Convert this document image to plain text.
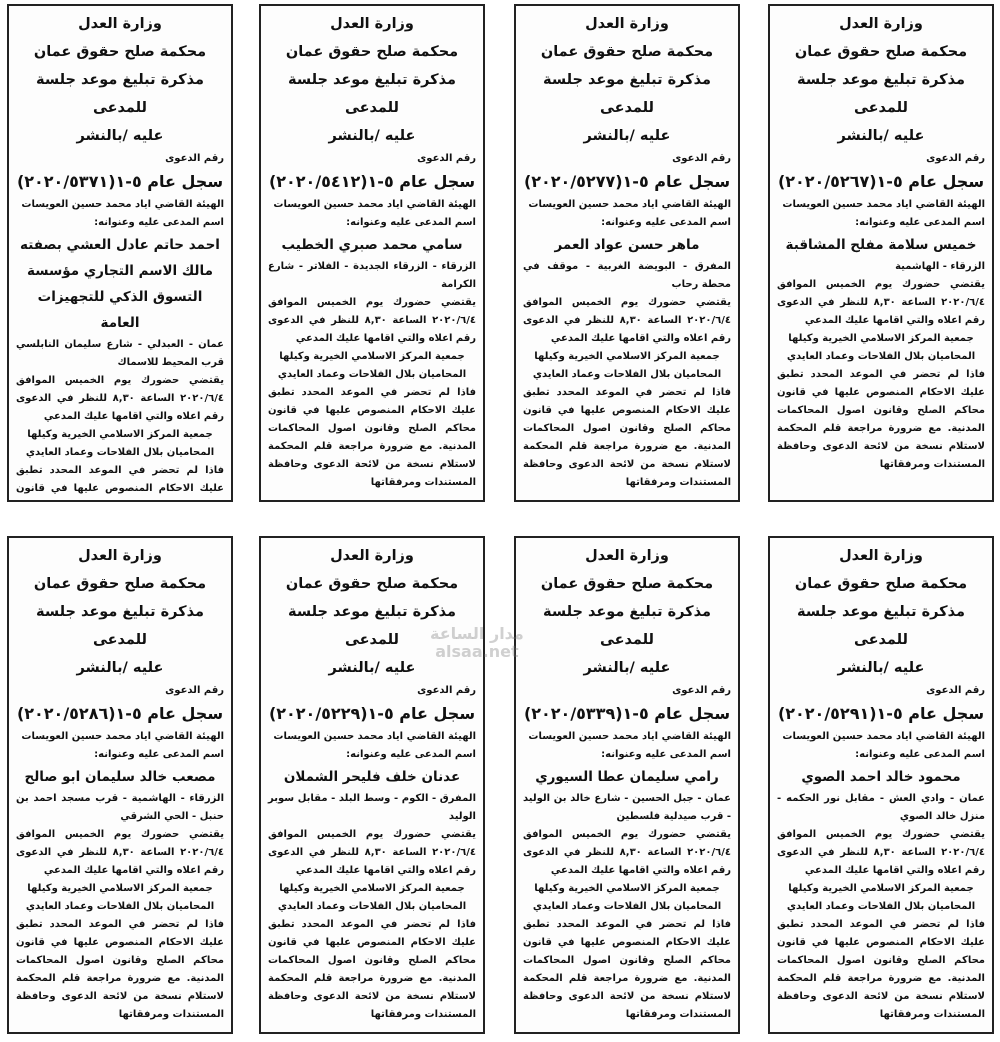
وزارة العدل
محكمة صلح حقوق عمان
مذكرة تبليغ موعد جلسة للمدعى
عليه /بالنشر
رقم الدعوى
سجل عام ٥-١(٢٠٢٠/٥٢٦٧)
الهيئة القاضي اياد محمد حسين العويسات
اسم المدعى عليه وعنوانه:
خميس سلامة مفلح المشاقبة
الزرقاء - الهاشمية
يقتضي حضورك يوم الخميس الموافق ٢٠٢٠/٦/٤ الساعة ٨,٣٠ للنظر في الدعوى رقم اعلاه والتي اقامها عليك المدعي
جمعية المركز الاسلامي الخيرية وكيلها المحاميان بلال الفلاحات وعماد العايدي
فاذا لم تحضر في الموعد المحدد تطبق عليك الاحكام المنصوص عليها في قانون محاكم الصلح وقانون اصول المحاكمات المدنية. مع ضرورة مراجعة قلم المحكمة لاستلام نسخة من لائحة الدعوى وحافظة المستندات ومرفقاتها
وزارة العدل
محكمة صلح حقوق عمان
مذكرة تبليغ موعد جلسة للمدعى
عليه /بالنشر
رقم الدعوى
سجل عام ٥-١(٢٠٢٠/٥٢٧٧)
الهيئة القاضي اياد محمد حسين العويسات
اسم المدعى عليه وعنوانه:
ماهر حسن عواد العمر
المفرق - البويضة الغربية - موقف في محطة رحاب
يقتضي حضورك يوم الخميس الموافق ٢٠٢٠/٦/٤ الساعة ٨,٣٠ للنظر في الدعوى رقم اعلاه والتي اقامها عليك المدعي
جمعية المركز الاسلامي الخيرية وكيلها المحاميان بلال الفلاحات وعماد العايدي
فاذا لم تحضر في الموعد المحدد تطبق عليك الاحكام المنصوص عليها في قانون محاكم الصلح وقانون اصول المحاكمات المدنية. مع ضرورة مراجعة قلم المحكمة لاستلام نسخة من لائحة الدعوى وحافظة المستندات ومرفقاتها
وزارة العدل
محكمة صلح حقوق عمان
مذكرة تبليغ موعد جلسة للمدعى
عليه /بالنشر
رقم الدعوى
سجل عام ٥-١(٢٠٢٠/٥٤١٢)
الهيئة القاضي اياد محمد حسين العويسات
اسم المدعى عليه وعنوانه:
سامي محمد صبري الخطيب
الزرقاء - الزرقاء الجديدة - الفلاتر - شارع الكرامة
يقتضي حضورك يوم الخميس الموافق ٢٠٢٠/٦/٤ الساعة ٨,٣٠ للنظر في الدعوى رقم اعلاه والتي اقامها عليك المدعي
جمعية المركز الاسلامي الخيرية وكيلها المحاميان بلال الفلاحات وعماد العايدي
فاذا لم تحضر في الموعد المحدد تطبق عليك الاحكام المنصوص عليها في قانون محاكم الصلح وقانون اصول المحاكمات المدنية. مع ضرورة مراجعة قلم المحكمة لاستلام نسخة من لائحة الدعوى وحافظة المستندات ومرفقاتها
وزارة العدل
محكمة صلح حقوق عمان
مذكرة تبليغ موعد جلسة للمدعى
عليه /بالنشر
رقم الدعوى
سجل عام ٥-١(٢٠٢٠/٥٣٧١)
الهيئة القاضي اياد محمد حسين العويسات
اسم المدعى عليه وعنوانه:
احمد حاتم عادل العشي بصفته مالك الاسم التجاري مؤسسة التسوق الذكي للتجهيزات العامة
عمان - العبدلي - شارع سليمان النابلسي قرب المحيط للاسماك
يقتضي حضورك يوم الخميس الموافق ٢٠٢٠/٦/٤ الساعة ٨,٣٠ للنظر في الدعوى رقم اعلاه والتي اقامها عليك المدعي
جمعية المركز الاسلامي الخيرية وكيلها المحاميان بلال الفلاحات وعماد العايدي
فاذا لم تحضر في الموعد المحدد تطبق عليك الاحكام المنصوص عليها في قانون
وزارة العدل
محكمة صلح حقوق عمان
مذكرة تبليغ موعد جلسة للمدعى
عليه /بالنشر
رقم الدعوى
سجل عام ٥-١(٢٠٢٠/٥٢٩١)
الهيئة القاضي اياد محمد حسين العويسات
اسم المدعى عليه وعنوانه:
محمود خالد احمد الصوي
عمان - وادي العش - مقابل نور الحكمه - منزل خالد الصوي
يقتضي حضورك يوم الخميس الموافق ٢٠٢٠/٦/٤ الساعة ٨,٣٠ للنظر في الدعوى رقم اعلاه والتي اقامها عليك المدعي
جمعية المركز الاسلامي الخيرية وكيلها المحاميان بلال الفلاحات وعماد العايدي
فاذا لم تحضر في الموعد المحدد تطبق عليك الاحكام المنصوص عليها في قانون محاكم الصلح وقانون اصول المحاكمات المدنية. مع ضرورة مراجعة قلم المحكمة لاستلام نسخة من لائحة الدعوى وحافظة المستندات ومرفقاتها
وزارة العدل
محكمة صلح حقوق عمان
مذكرة تبليغ موعد جلسة للمدعى
عليه /بالنشر
رقم الدعوى
سجل عام ٥-١(٢٠٢٠/٥٣٣٩)
الهيئة القاضي اياد محمد حسين العويسات
اسم المدعى عليه وعنوانه:
رامي سليمان عطا السيوري
عمان - جبل الحسين - شارع خالد بن الوليد - قرب صيدلية فلسطين
يقتضي حضورك يوم الخميس الموافق ٢٠٢٠/٦/٤ الساعة ٨,٣٠ للنظر في الدعوى رقم اعلاه والتي اقامها عليك المدعي
جمعية المركز الاسلامي الخيرية وكيلها المحاميان بلال الفلاحات وعماد العايدي
فاذا لم تحضر في الموعد المحدد تطبق عليك الاحكام المنصوص عليها في قانون محاكم الصلح وقانون اصول المحاكمات المدنية. مع ضرورة مراجعة قلم المحكمة لاستلام نسخة من لائحة الدعوى وحافظة المستندات ومرفقاتها
وزارة العدل
محكمة صلح حقوق عمان
مذكرة تبليغ موعد جلسة للمدعى
عليه /بالنشر
رقم الدعوى
سجل عام ٥-١(٢٠٢٠/٥٢٢٩)
الهيئة القاضي اياد محمد حسين العويسات
اسم المدعى عليه وعنوانه:
عدنان خلف فليحر الشملان
المفرق - الكوم - وسط البلد - مقابل سوبر الوليد
يقتضي حضورك يوم الخميس الموافق ٢٠٢٠/٦/٤ الساعة ٨,٣٠ للنظر في الدعوى رقم اعلاه والتي اقامها عليك المدعي
جمعية المركز الاسلامي الخيرية وكيلها المحاميان بلال الفلاحات وعماد العايدي
فاذا لم تحضر في الموعد المحدد تطبق عليك الاحكام المنصوص عليها في قانون محاكم الصلح وقانون اصول المحاكمات المدنية. مع ضرورة مراجعة قلم المحكمة لاستلام نسخة من لائحة الدعوى وحافظة المستندات ومرفقاتها
وزارة العدل
محكمة صلح حقوق عمان
مذكرة تبليغ موعد جلسة للمدعى
عليه /بالنشر
رقم الدعوى
سجل عام ٥-١(٢٠٢٠/٥٢٨٦)
الهيئة القاضي اياد محمد حسين العويسات
اسم المدعى عليه وعنوانه:
مصعب خالد سليمان ابو صالح
الزرقاء - الهاشمية - قرب مسجد احمد بن حنبل - الحي الشرقي
يقتضي حضورك يوم الخميس الموافق ٢٠٢٠/٦/٤ الساعة ٨,٣٠ للنظر في الدعوى رقم اعلاه والتي اقامها عليك المدعي
جمعية المركز الاسلامي الخيرية وكيلها المحاميان بلال الفلاحات وعماد العايدي
فاذا لم تحضر في الموعد المحدد تطبق عليك الاحكام المنصوص عليها في قانون محاكم الصلح وقانون اصول المحاكمات المدنية. مع ضرورة مراجعة قلم المحكمة لاستلام نسخة من لائحة الدعوى وحافظة المستندات ومرفقاتها
مدار الساعة
alsaa.net
